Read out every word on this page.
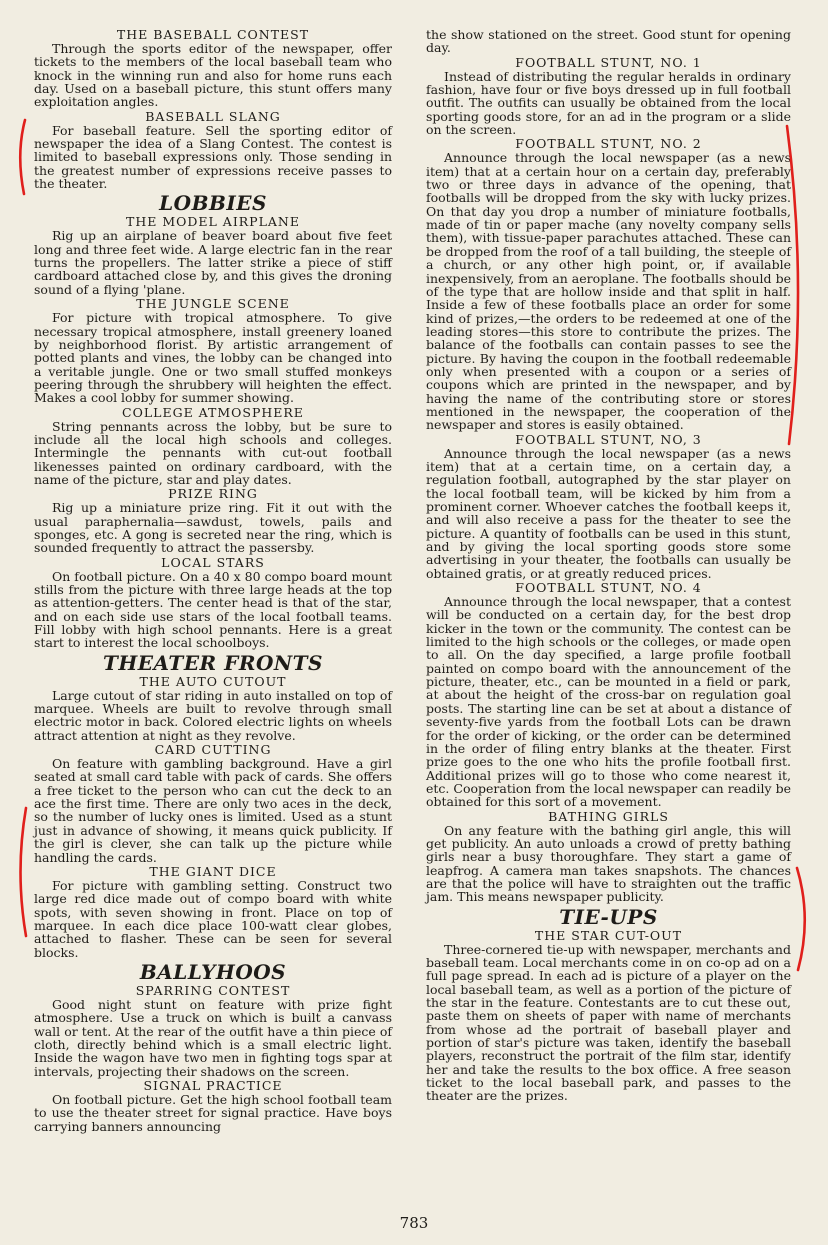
THE BASEBALL CONTEST

Through the sports editor of the newspaper, offer tickets to the members of the local baseball team who knock in the winning run and also for home runs each day. Used on a baseball picture, this stunt offers many exploitation angles.

BASEBALL SLANG

For baseball feature. Sell the sporting editor of newspaper the idea of a Slang Contest. The contest is limited to baseball expressions only. Those sending in the greatest number of expressions receive passes to the theater.

LOBBIES
THE MODEL AIRPLANE

Rig up an airplane of beaver board about five feet long and three feet wide. A large electric fan in the rear turns the propellers. The latter strike a piece of stiff cardboard attached close by, and this gives the droning sound of a flying 'plane.

THE JUNGLE SCENE

For picture with tropical atmosphere. To give necessary tropical atmosphere, install greenery loaned by neighborhood florist. By artistic arrangement of potted plants and vines, the lobby can be changed into a veritable jungle. One or two small stuffed monkeys peering through the shrubbery will heighten the effect. Makes a cool lobby for summer showing.

COLLEGE ATMOSPHERE

String pennants across the lobby, but be sure to include all the local high schools and colleges. Intermingle the pennants with cut-out football likenesses painted on ordinary cardboard, with the name of the picture, star and play dates.

PRIZE RING

Rig up a miniature prize ring. Fit it out with the usual paraphernalia—sawdust, towels, pails and sponges, etc. A gong is secreted near the ring, which is sounded frequently to attract the passersby.

LOCAL STARS

On football picture. On a 40 x 80 compo board mount stills from the picture with three large heads at the top as attention-getters. The center head is that of the star, and on each side use stars of the local football teams. Fill lobby with high school pennants. Here is a great start to interest the local schoolboys.

THEATER FRONTS
THE AUTO CUTOUT

Large cutout of star riding in auto installed on top of marquee. Wheels are built to revolve through small electric motor in back. Colored electric lights on wheels attract attention at night as they revolve.

CARD CUTTING

On feature with gambling background. Have a girl seated at small card table with pack of cards. She offers a free ticket to the person who can cut the deck to an ace the first time. There are only two aces in the deck, so the number of lucky ones is limited. Used as a stunt just in advance of showing, it means quick publicity. If the girl is clever, she can talk up the picture while handling the cards.

THE GIANT DICE

For picture with gambling setting. Construct two large red dice made out of compo board with white spots, with seven showing in front. Place on top of marquee. In each dice place 100-watt clear globes, attached to flasher. These can be seen for several blocks.

BALLYHOOS
SPARRING CONTEST

Good night stunt on feature with prize fight atmosphere. Use a truck on which is built a canvass wall or tent. At the rear of the outfit have a thin piece of cloth, directly behind which is a small electric light. Inside the wagon have two men in fighting togs spar at intervals, projecting their shadows on the screen.

SIGNAL PRACTICE

On football picture. Get the high school football team to use the theater street for signal practice. Have boys carrying banners announcing

the show stationed on the street. Good stunt for opening day.

FOOTBALL STUNT, NO. 1

Instead of distributing the regular heralds in ordinary fashion, have four or five boys dressed up in full football outfit. The outfits can usually be obtained from the local sporting goods store, for an ad in the program or a slide on the screen.

FOOTBALL STUNT, NO. 2

Announce through the local newspaper (as a news item) that at a certain hour on a certain day, preferably two or three days in advance of the opening, that footballs will be dropped from the sky with lucky prizes. On that day you drop a number of miniature footballs, made of tin or paper mache (any novelty company sells them), with tissue-paper parachutes attached. These can be dropped from the roof of a tall building, the steeple of a church, or any other high point, or, if available inexpensively, from an aeroplane. The footballs should be of the type that are hollow inside and that split in half. Inside a few of these footballs place an order for some kind of prizes,—the orders to be redeemed at one of the leading stores—this store to contribute the prizes. The balance of the footballs can contain passes to see the picture. By having the coupon in the football redeemable only when presented with a coupon or a series of coupons which are printed in the newspaper, and by having the name of the contributing store or stores mentioned in the newspaper, the cooperation of the newspaper and stores is easily obtained.

FOOTBALL STUNT, NO, 3

Announce through the local newspaper (as a news item) that at a certain time, on a certain day, a regulation football, autographed by the star player on the local football team, will be kicked by him from a prominent corner. Whoever catches the football keeps it, and will also receive a pass for the theater to see the picture. A quantity of footballs can be used in this stunt, and by giving the local sporting goods store some advertising in your theater, the footballs can usually be obtained gratis, or at greatly reduced prices.

FOOTBALL STUNT, NO. 4

Announce through the local newspaper, that a contest will be conducted on a certain day, for the best drop kicker in the town or the community. The contest can be limited to the high schools or the colleges, or made open to all. On the day specified, a large profile football painted on compo board with the announcement of the picture, theater, etc., can be mounted in a field or park, at about the height of the cross-bar on regulation goal posts. The starting line can be set at about a distance of seventy-five yards from the football Lots can be drawn for the order of kicking, or the order can be determined in the order of filing entry blanks at the theater. First prize goes to the one who hits the profile football first. Additional prizes will go to those who come nearest it, etc. Cooperation from the local newspaper can readily be obtained for this sort of a movement.

BATHING GIRLS

On any feature with the bathing girl angle, this will get publicity. An auto unloads a crowd of pretty bathing girls near a busy thoroughfare. They start a game of leapfrog. A camera man takes snapshots. The chances are that the police will have to straighten out the traffic jam. This means newspaper publicity.

TIE-UPS
THE STAR CUT-OUT

Three-cornered tie-up with newspaper, merchants and baseball team. Local merchants come in on co-op ad on a full page spread. In each ad is picture of a player on the local baseball team, as well as a portion of the picture of the star in the feature. Contestants are to cut these out, paste them on sheets of paper with name of merchants from whose ad the portrait of baseball player and portion of star's picture was taken, identify the baseball players, reconstruct the portrait of the film star, identify her and take the results to the box office. A free season ticket to the local baseball park, and passes to the theater are the prizes.

783
